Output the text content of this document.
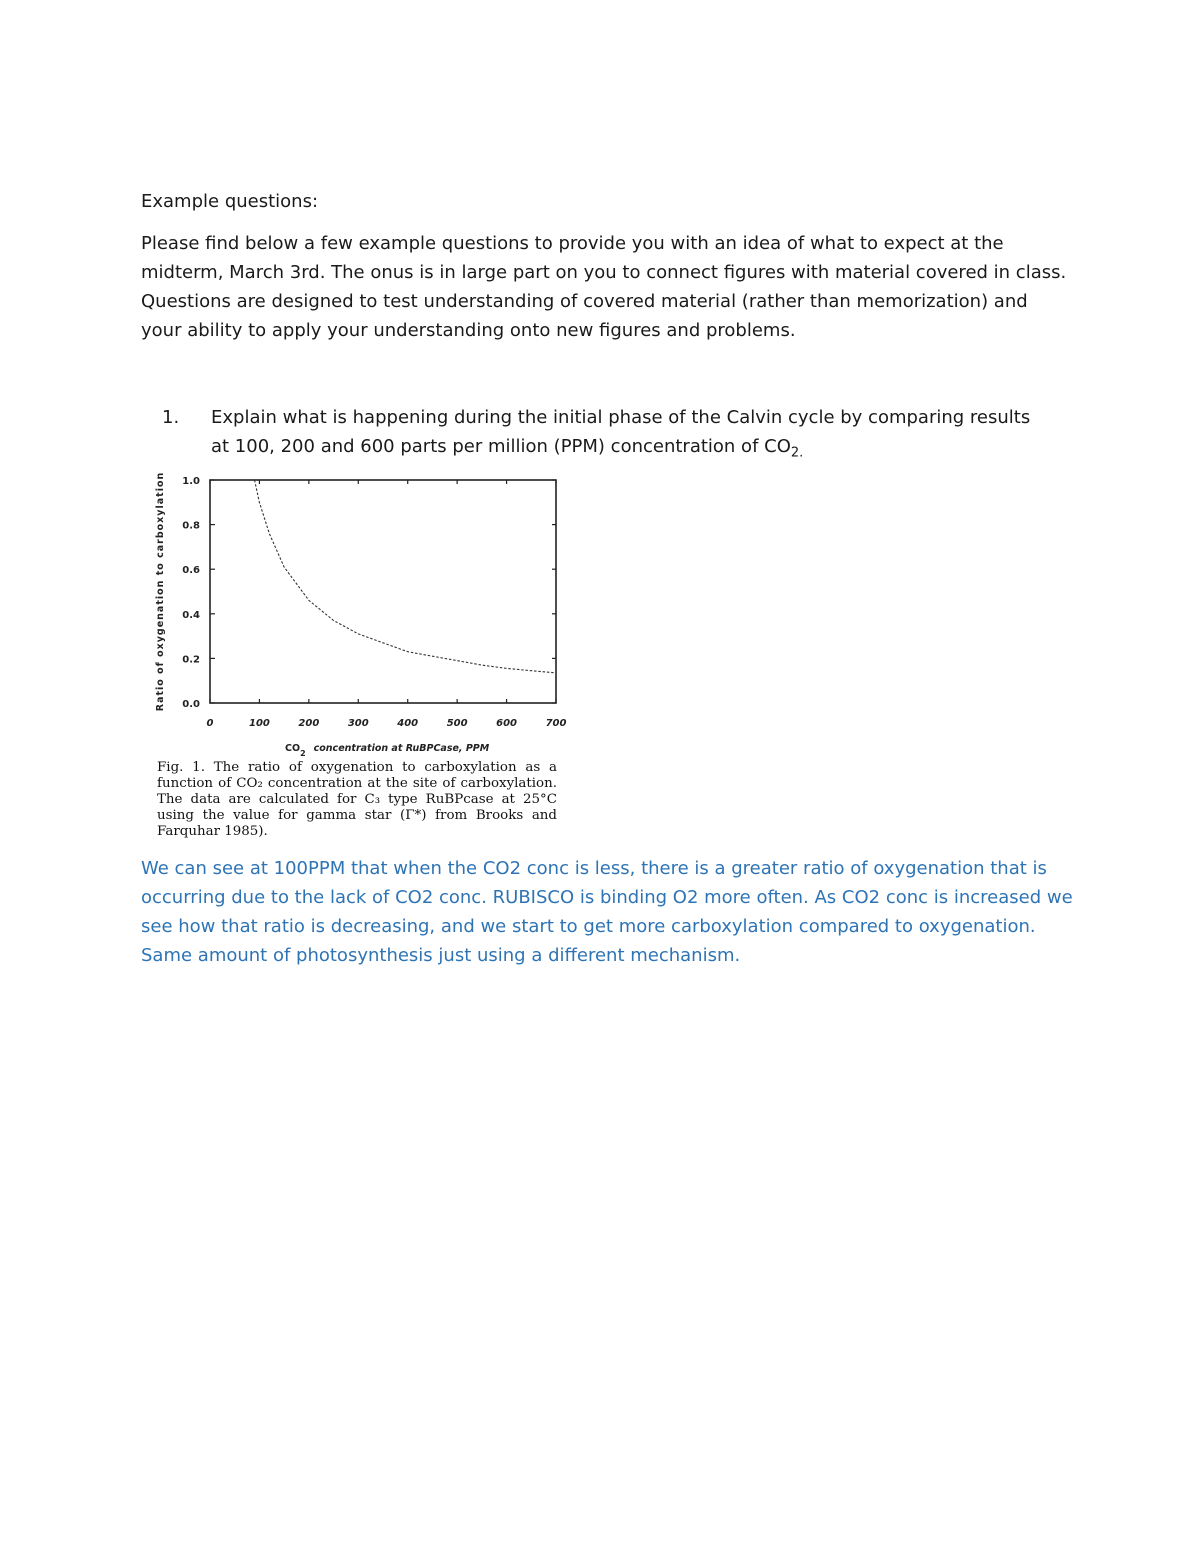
Example questions:
Please find below a few example questions to provide you with an idea of what to expect at the midterm, March 3rd. The onus is in large part on you to connect figures with material covered in class. Questions are designed to test understanding of covered material (rather than memorization) and your ability to apply your understanding onto new figures and problems.
1. Explain what is happening during the initial phase of the Calvin cycle by comparing results at 100, 200 and 600 parts per million (PPM) concentration of $CO_{2.}$
0.0
0.2
0.4
0.6
0.8
1.0
0	100	200	300	400	500	600	700
Ratio of oxygenation to carboxylation
$CO_2$ concentration at RuBPCase, PPM
Fig. 1. The ratio of oxygenation to carboxylation as a function of CO₂ concentration at the site of carboxylation. The data are calculated for C₃ type RuBPcase at 25°C using the value for gamma star (Γ*) from Brooks and Farquhar 1985).
We can see at 100PPM that when the CO2 conc is less, there is a greater ratio of oxygenation that is occurring due to the lack of CO2 conc. RUBISCO is binding O2 more often. As CO2 conc is increased we see how that ratio is decreasing, and we start to get more carboxylation compared to oxygenation. Same amount of photosynthesis just using a different mechanism.
